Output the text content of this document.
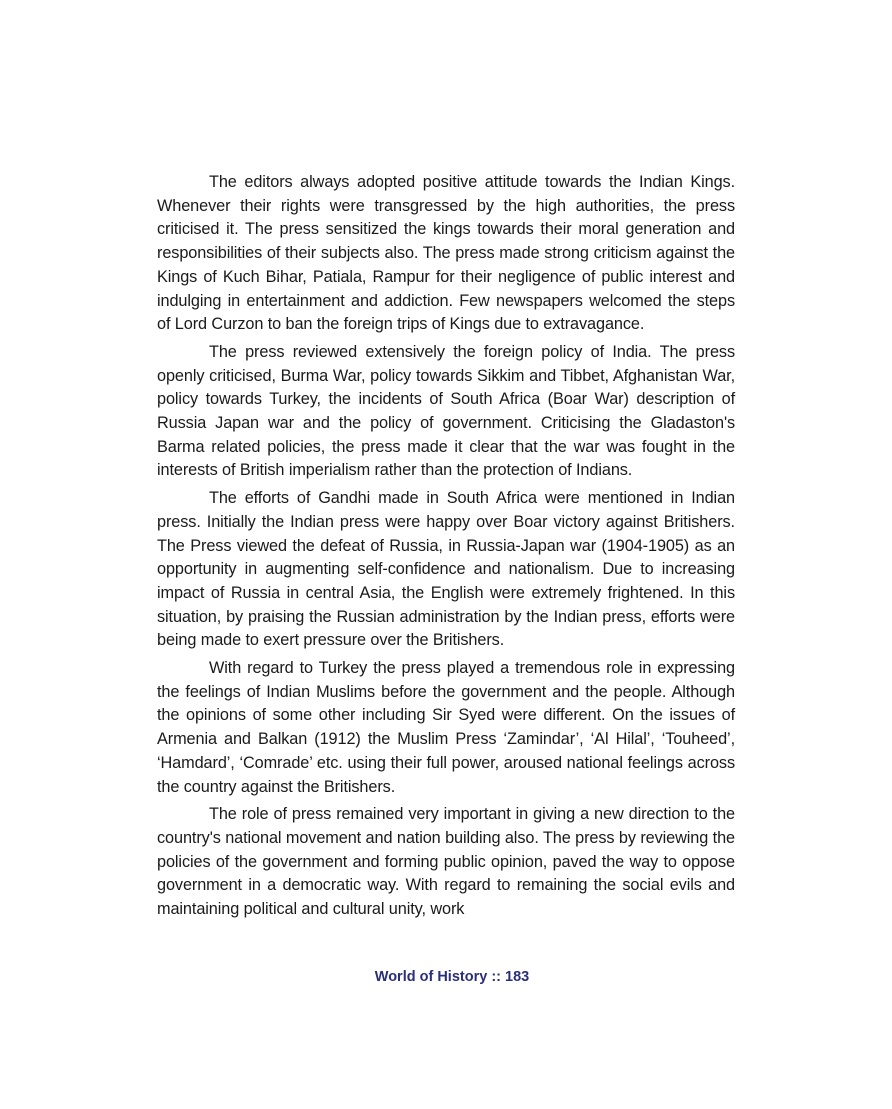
The editors always adopted positive attitude towards the Indian Kings. Whenever their rights were transgressed by the high authorities, the press criticised it. The press sensitized the kings towards their moral generation and responsibilities of their subjects also. The press made strong criticism against the Kings of Kuch Bihar, Patiala, Rampur for their negligence of public interest and indulging in entertainment and addiction. Few newspapers welcomed the steps of Lord Curzon to ban the foreign trips of Kings due to extravagance.

The press reviewed extensively the foreign policy of India. The press openly criticised, Burma War, policy towards Sikkim and Tibbet, Afghanistan War, policy towards Turkey, the incidents of South Africa (Boar War) description of Russia Japan war and the policy of government. Criticising the Gladaston's Barma related policies, the press made it clear that the war was fought in the interests of British imperialism rather than the protection of Indians.

The efforts of Gandhi made in South Africa were mentioned in Indian press. Initially the Indian press were happy over Boar victory against Britishers. The Press viewed the defeat of Russia, in Russia-Japan war (1904-1905) as an opportunity in augmenting self-confidence and nationalism. Due to increasing impact of Russia in central Asia, the English were extremely frightened. In this situation, by praising the Russian administration by the Indian press, efforts were being made to exert pressure over the Britishers.

With regard to Turkey the press played a tremendous role in expressing the feelings of Indian Muslims before the government and the people. Although the opinions of some other including Sir Syed were different. On the issues of Armenia and Balkan (1912) the Muslim Press ‘Zamindar’, ‘Al Hilal’, ‘Touheed’, ‘Hamdard’, ‘Comrade’ etc. using their full power, aroused national feelings across the country against the Britishers.

The role of press remained very important in giving a new direction to the country's national movement and nation building also. The press by reviewing the policies of the government and forming public opinion, paved the way to oppose government in a democratic way. With regard to remaining the social evils and maintaining political and cultural unity, work

World of History :: 183
